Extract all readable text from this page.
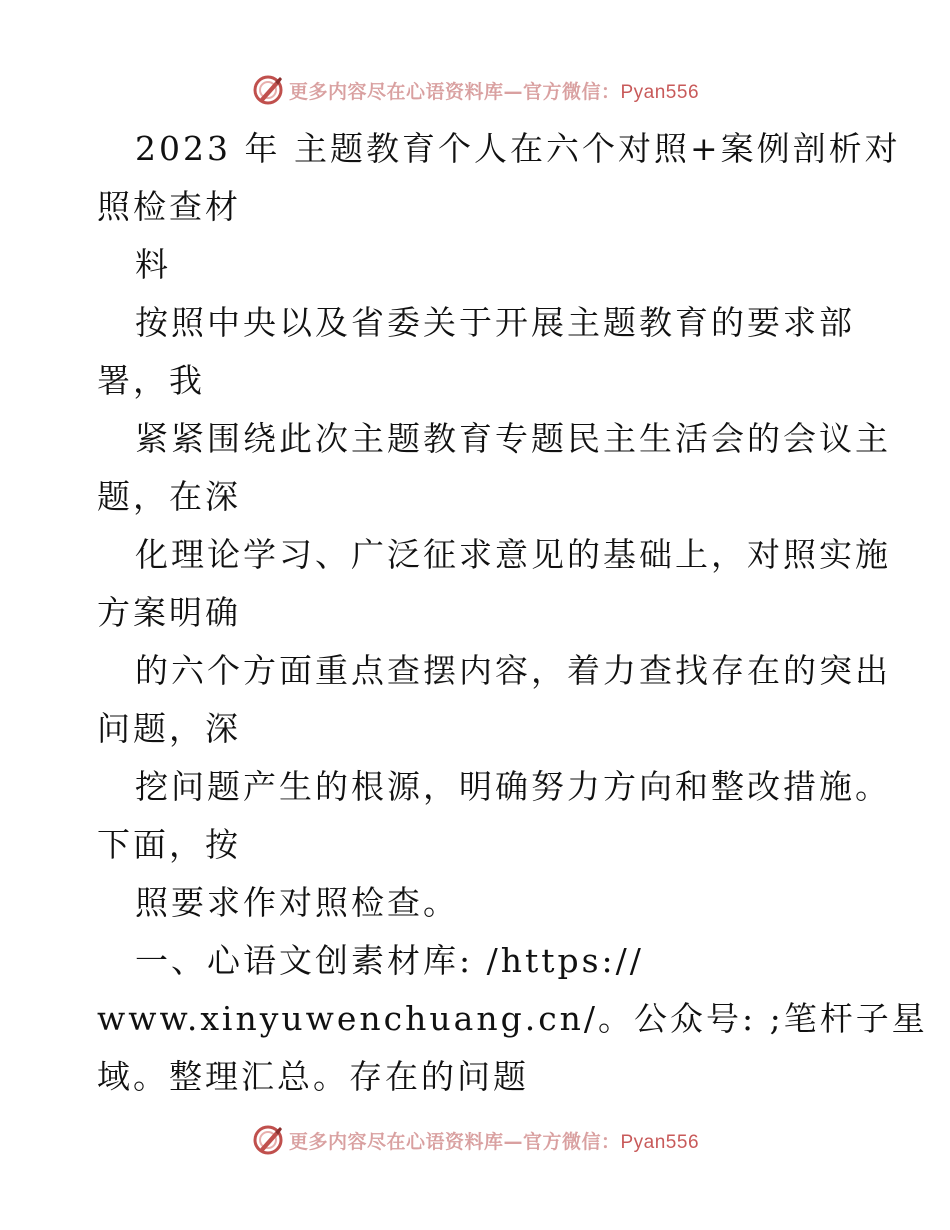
更多内容尽在心语资料库—官方微信：Pyan556
2023 年 主题教育个人在六个对照+案例剖析对
照检查材
料
按照中央以及省委关于开展主题教育的要求部
署，我
紧紧围绕此次主题教育专题民主生活会的会议主
题，在深
化理论学习、广泛征求意见的基础上，对照实施
方案明确
的六个方面重点查摆内容，着力查找存在的突出
问题，深
挖问题产生的根源，明确努力方向和整改措施。
下面，按
照要求作对照检查。
一、心语文创素材库: /https://
www.xinyuwenchuang.cn/。公众号: ;笔杆子星
域。整理汇总。存在的问题
更多内容尽在心语资料库—官方微信：Pyan556
